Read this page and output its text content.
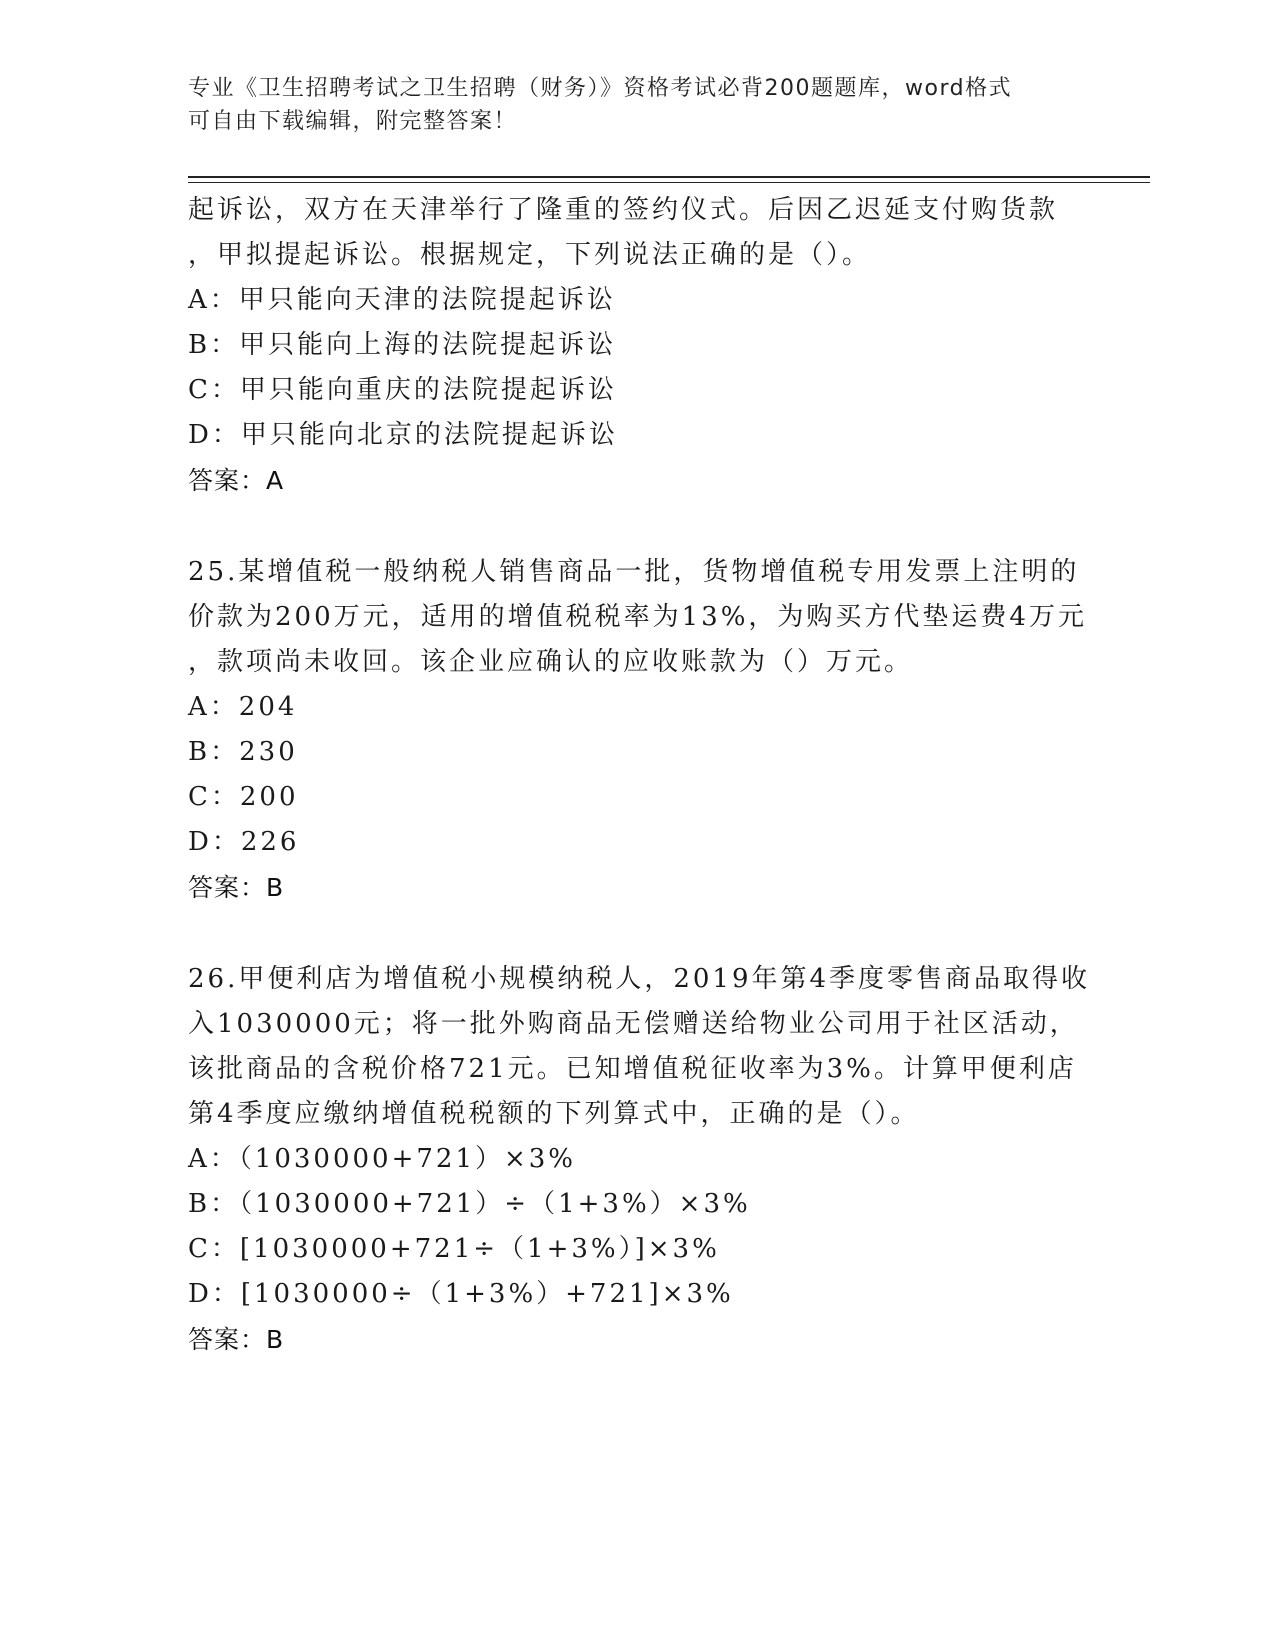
专业《卫生招聘考试之卫生招聘（财务）》资格考试必背200题题库，word格式
可自由下载编辑，附完整答案！
起诉讼，双方在天津举行了隆重的签约仪式。后因乙迟延支付购货款
，甲拟提起诉讼。根据规定，下列说法正确的是（）。
A：甲只能向天津的法院提起诉讼
B：甲只能向上海的法院提起诉讼
C：甲只能向重庆的法院提起诉讼
D：甲只能向北京的法院提起诉讼
答案：A
25.某增值税一般纳税人销售商品一批，货物增值税专用发票上注明的
价款为200万元，适用的增值税税率为13%，为购买方代垫运费4万元
，款项尚未收回。该企业应确认的应收账款为（）万元。
A：204
B：230
C：200
D：226
答案：B
26.甲便利店为增值税小规模纳税人，2019年第4季度零售商品取得收
入1030000元；将一批外购商品无偿赠送给物业公司用于社区活动，
该批商品的含税价格721元。已知增值税征收率为3%。计算甲便利店
第4季度应缴纳增值税税额的下列算式中，正确的是（）。
A：（1030000+721）×3%
B：（1030000+721）÷（1+3%）×3%
C：[1030000+721÷（1+3%）]×3%
D：[1030000÷（1+3%）+721]×3%
答案：B
